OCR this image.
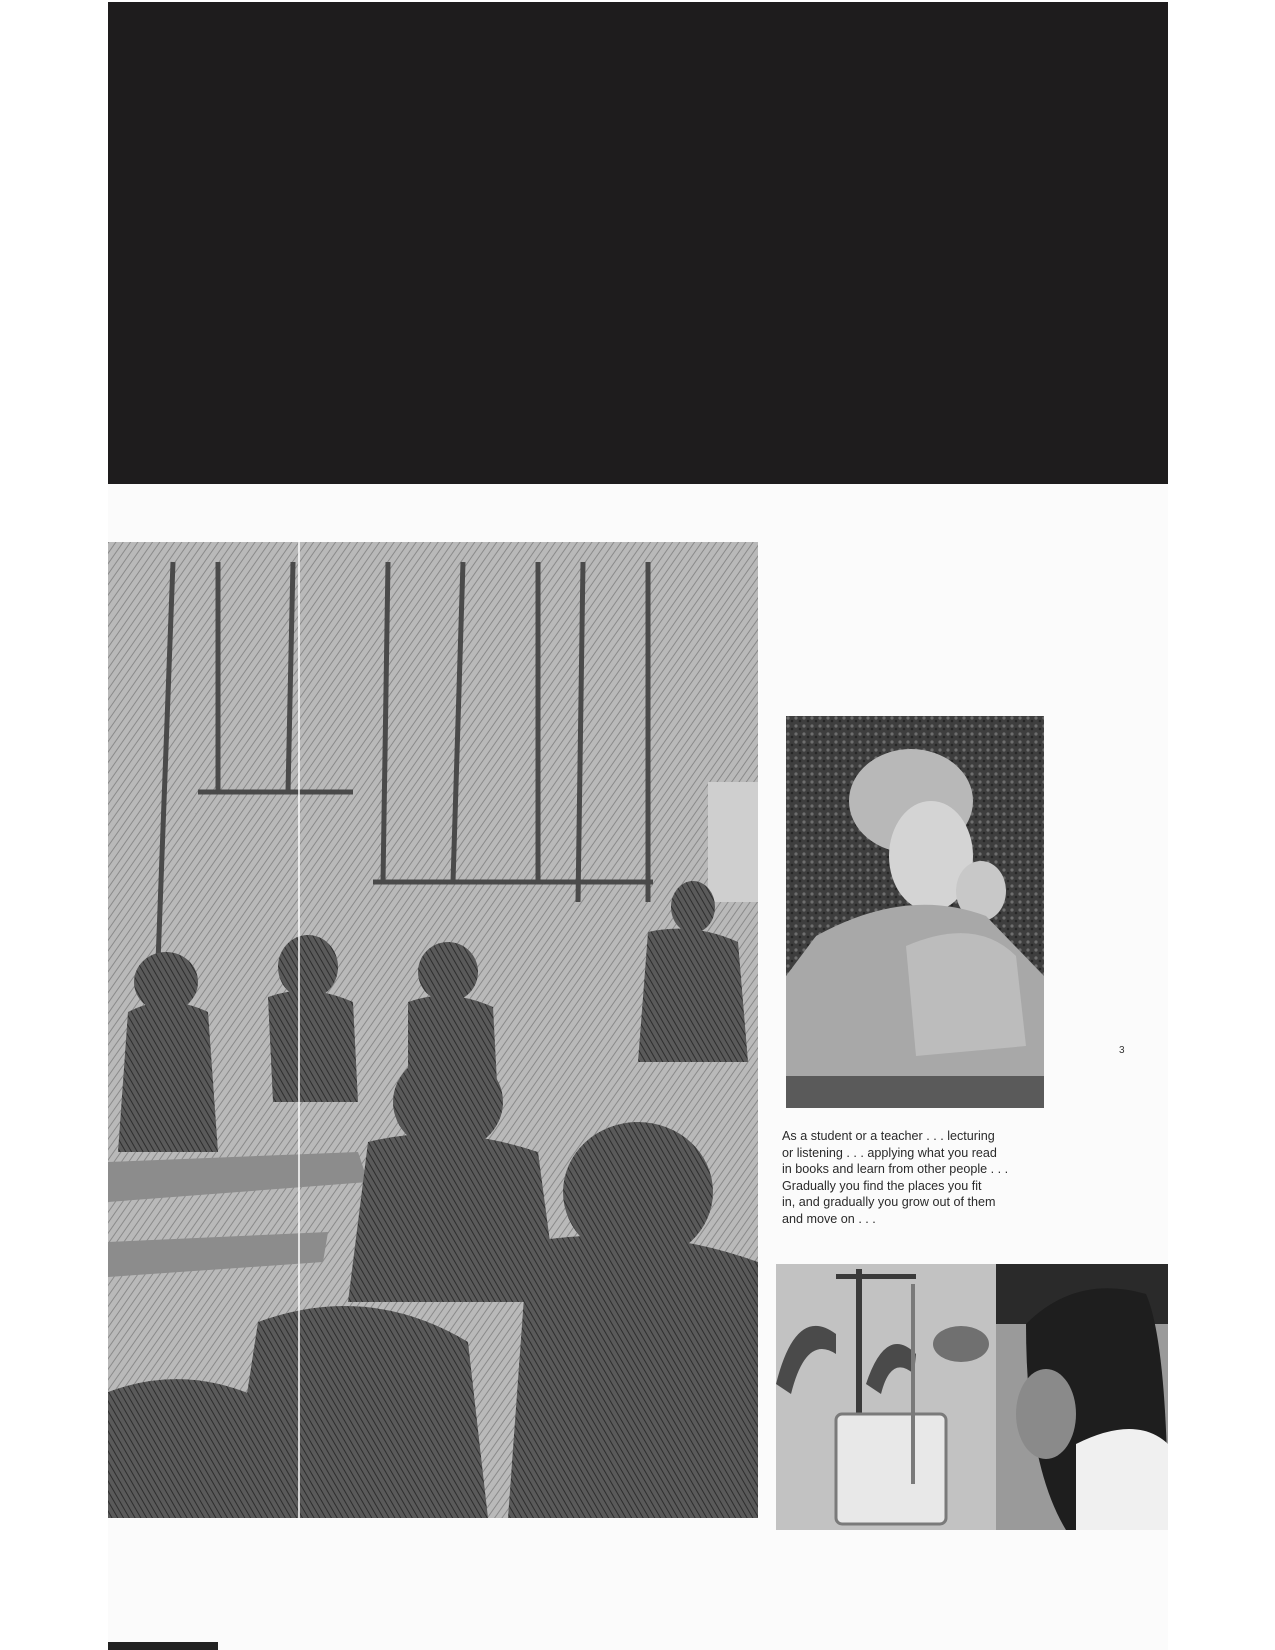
As a student or a teacher . . . lecturing
or listening . . . applying what you read
in books and learn from other people . . .
Gradually you find the places you fit
in, and gradually you grow out of them
and move on . . .

3
